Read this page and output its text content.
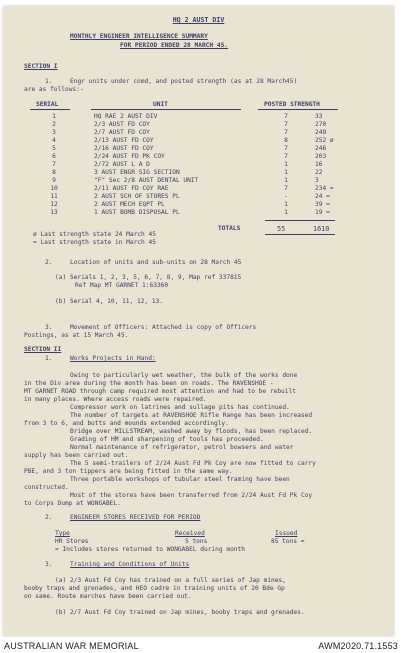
HQ 2 AUST DIV
MONTHLY ENGINEER INTELLIGENCE SUMMARY
FOR PERIOD ENDED 28 MARCH 45.
SECTION I
1.	Engr units under comd, and posted strength (as at 28 March45)
are as follows:-
SERIAL	UNIT	POSTED STRENGTH
1	HQ RAE 2 AUST DIV	7	33
2	2/3 AUST FD COY	7	270
3	2/7 AUST FD COY	7	249
4	2/13 AUST FD COY	8	252 ø
5	2/16 AUST FD COY	7	246
6	2/24 AUST FD PK COY	7	203
7	2/72 AUST L A D	1	16
8	3 AUST ENGR SIG SECTION	1	22
9	"F" Sec 2/8 AUST DENTAL UNIT	1	3
10	2/11 AUST FD COY RAE	7	234 =
11	2 AUST SCH OF STORES PL	-	24 =
12	2 AUST MECH EQPT PL	1	39 =
13	1 AUST BOMB DISPOSAL PL	1	19 =
TOTALS	55	1610
ø Last strength state 24 March 45
= Last strength state in March 45
2.	Location of units and sub-units on 28 March 45
(a) Serials 1, 2, 3, 5, 6, 7, 8, 9, Map ref 337815
Ref Map MT GARNET 1:63360
(b) Serial 4, 10, 11, 12, 13.
3.	Movement of Officers: Attached is copy of Officers
Postings, as at 15 March 45.
SECTION II
1.	Works Projects in Hand:
Owing to particularly wet weather, the bulk of the works done
in the Div area during the month has been on roads. The RAVENSHOE -
MT GARNET ROAD through camp required most attention and had to be rebuilt
in many places. Where access roads were repaired.
Compressor work on latrines and sullage pits has continued.
The number of targets at RAVENSHOE Rifle Range has been increased
from 3 to 6, and butts and mounds extended accordingly.
Bridge over MILLSTREAM, washed away by floods, has been replaced.
Grading of HM and sharpening of tools has proceeded.
Normal maintenance of refrigerator, petrol bowsers and water
supply has been carried out.
The 5 semi-trailers of 2/24 Aust Fd Pk Coy are now fitted to carry
PBE, and 3 ton tippers are being fitted in the same way.
Three portable workshops of tubular steel framing have been
constructed.
Most of the stores have been transferred from 2/24 Aust Fd Pk Coy
to Corps Dump at WONGABEL.
2.	ENGINEER STORES RECEIVED FOR PERIOD
Type	Received	Issued
HR Stores	5 tons	85 tons =
= Includes stores returned to WONGABEL during month
3.	Training and Conditions of Units
(a) 2/3 Aust Fd Coy has trained on a full series of Jap mines,
booby traps and grenades, and HEO cadre in training units of 20 Bde Gp
on same. Route marches have been carried out.
(b) 2/7 Aust Fd Coy trained on Jap mines, booby traps and grenades.
AUSTRALIAN WAR MEMORIAL	AWM2020.71.1553
